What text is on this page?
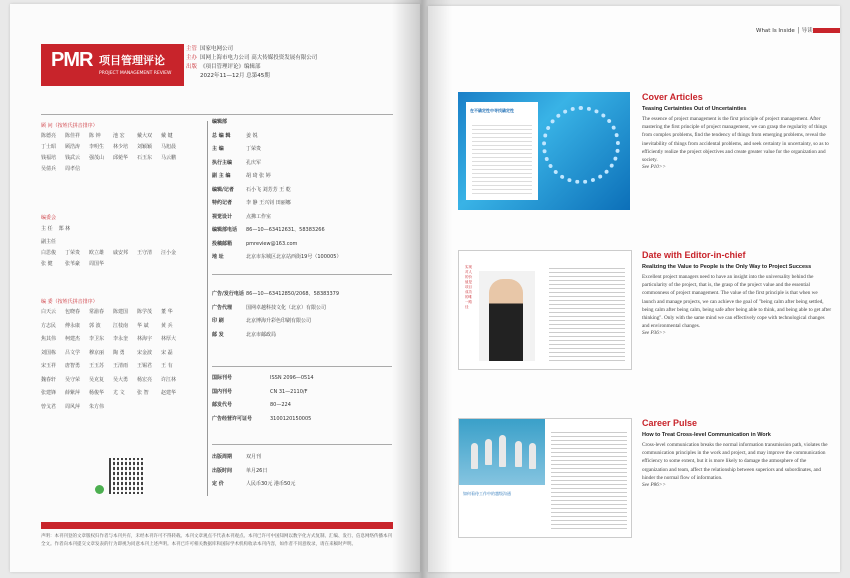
PMR 项目管理评论
PROJECT MANAGEMENT REVIEW
主管 国家电网公司
主办 国网上海市电力公司 高大传媒投资发展有限公司
出版 《项目管理评论》编辑部
2022年11—12月 总第45期
顾 问（按姓氏拼音排序）
陈德亮	陈佳祥	陈 钟	池 宏	戴大双	戴 键
丁士昭	顾浩涛	李明生	林少培	刘颖颖	马旭晨
钱福培	钱武云	强茂山	邱菀华	石玉东	马云鹏
吴倩兵	周孝信
编委会
主 任 郑 林
副主任
白思俊	丁荣贵	欧立雄	戚安邦	王守清	汪小金
张 健	张苇豪	周国华
编 委（按姓氏拼音排序）
白天云	包晓春	常渝春	陈建国	陈学茂	董 华
方志民	傅永康	郭 波	江枝南	华 斌	黄 兵
焦其伟	柯建杰	李卫东	李永奎	林海宇	林厚大
刘国栋	吕文学	穆京丽	陶 勇	宋金波	宋 磊
宋玉祥	唐智勇	王玉苏	王清雨	王锡君	王 有
魏春轩	吴守荣	吴克复	吴大勇	杨宏亮	许江林
张建锋	薛紫萍	杨俊华	尤 文	张 智	赵建华
曾戈君	周风萍	朱方伟
编辑部
总 编 辑	姜 锐
主 编	丁荣贵
执行主编	孔庆军
副 主 编	胡 琦 张 婷
编辑/记者	石小飞 刘芳芳 王 乾
特约记者	李 静 王兴钊 田丽娜
视觉设计	点拂工作室
编辑部电话	86—10—63412631、58383266
投稿邮箱	pmreview@163.com
地 址	北京市东城区北京站西街19号（100005）
广告/发行电话 86—10—63412850/2068、58383379
广告代理	国网卓越科技文化（北京）有限公司
印 刷	北京博海升彩色印刷有限公司
邮 发	北京市邮政局
国际刊号	ISSN 2096—0514
国内刊号	CN 31—2110/F
邮发代号	80—224
广告经营许可证号	3100120150005
出版周期	双月刊
出版时间	单月26日
定 价	人民币30元 港币50元
声明：本刊刊登的文章版权归作者与本刊共有，未经本刊许可不得转载。本刊文章观点不代表本刊观点。本刊已许可中国知网以数字化方式复制、汇编、发行、信息网络传播本刊全文。作者向本刊提交文章发表的行为即视为同意本刊上述声明。本刊已许可相关数据库和国际学术机构收录本刊内容，如作者不同意收录，请在来稿时声明。
What Is Inside │ 导读
在不确定性中寻找确定性
Cover Articles
Teasing Certainties Out of Uncertainties
The essence of project management is the first principle of project management. After mastering the first principle of project management, we can grasp the regularity of things from complex problems, find the tendency of things from emerging problems, reveal the inevitability of things from accidental problems, and seek certainty in uncertainty, so as to efficiently realize the project objectives and create greater value for the organization and society.
See P10>>
实现对人的价值是项目成功的唯一路径
Date with Editor-in-chief
Realizing the Value to People is the Only Way to Project Success
Excellent project managers need to have an insight into the universality behind the particularity of the project, that is, the grasp of the project value and the essential commonness of project management. The value of the first principle is that when we launch and manage projects, we can achieve the goal of "being calm after being settled, being calm after being calm, being safe after being able to think, and being able to get after thinking". Only with the same mind we can effectively cope with technological changes and environmental changes.
See P36>>
如何看待工作中的越级沟通
Career Pulse
How to Treat Cross-level Communication in Work
Cross-level communication breaks the normal information transmission path, violates the communication principles in the work and project, and may improve the communication efficiency to some extent, but it is more likely to damage the atmosphere of the organization and team, affect the relationship between superiors and subordinates, and hinder the normal flow of information.
See P86>>
